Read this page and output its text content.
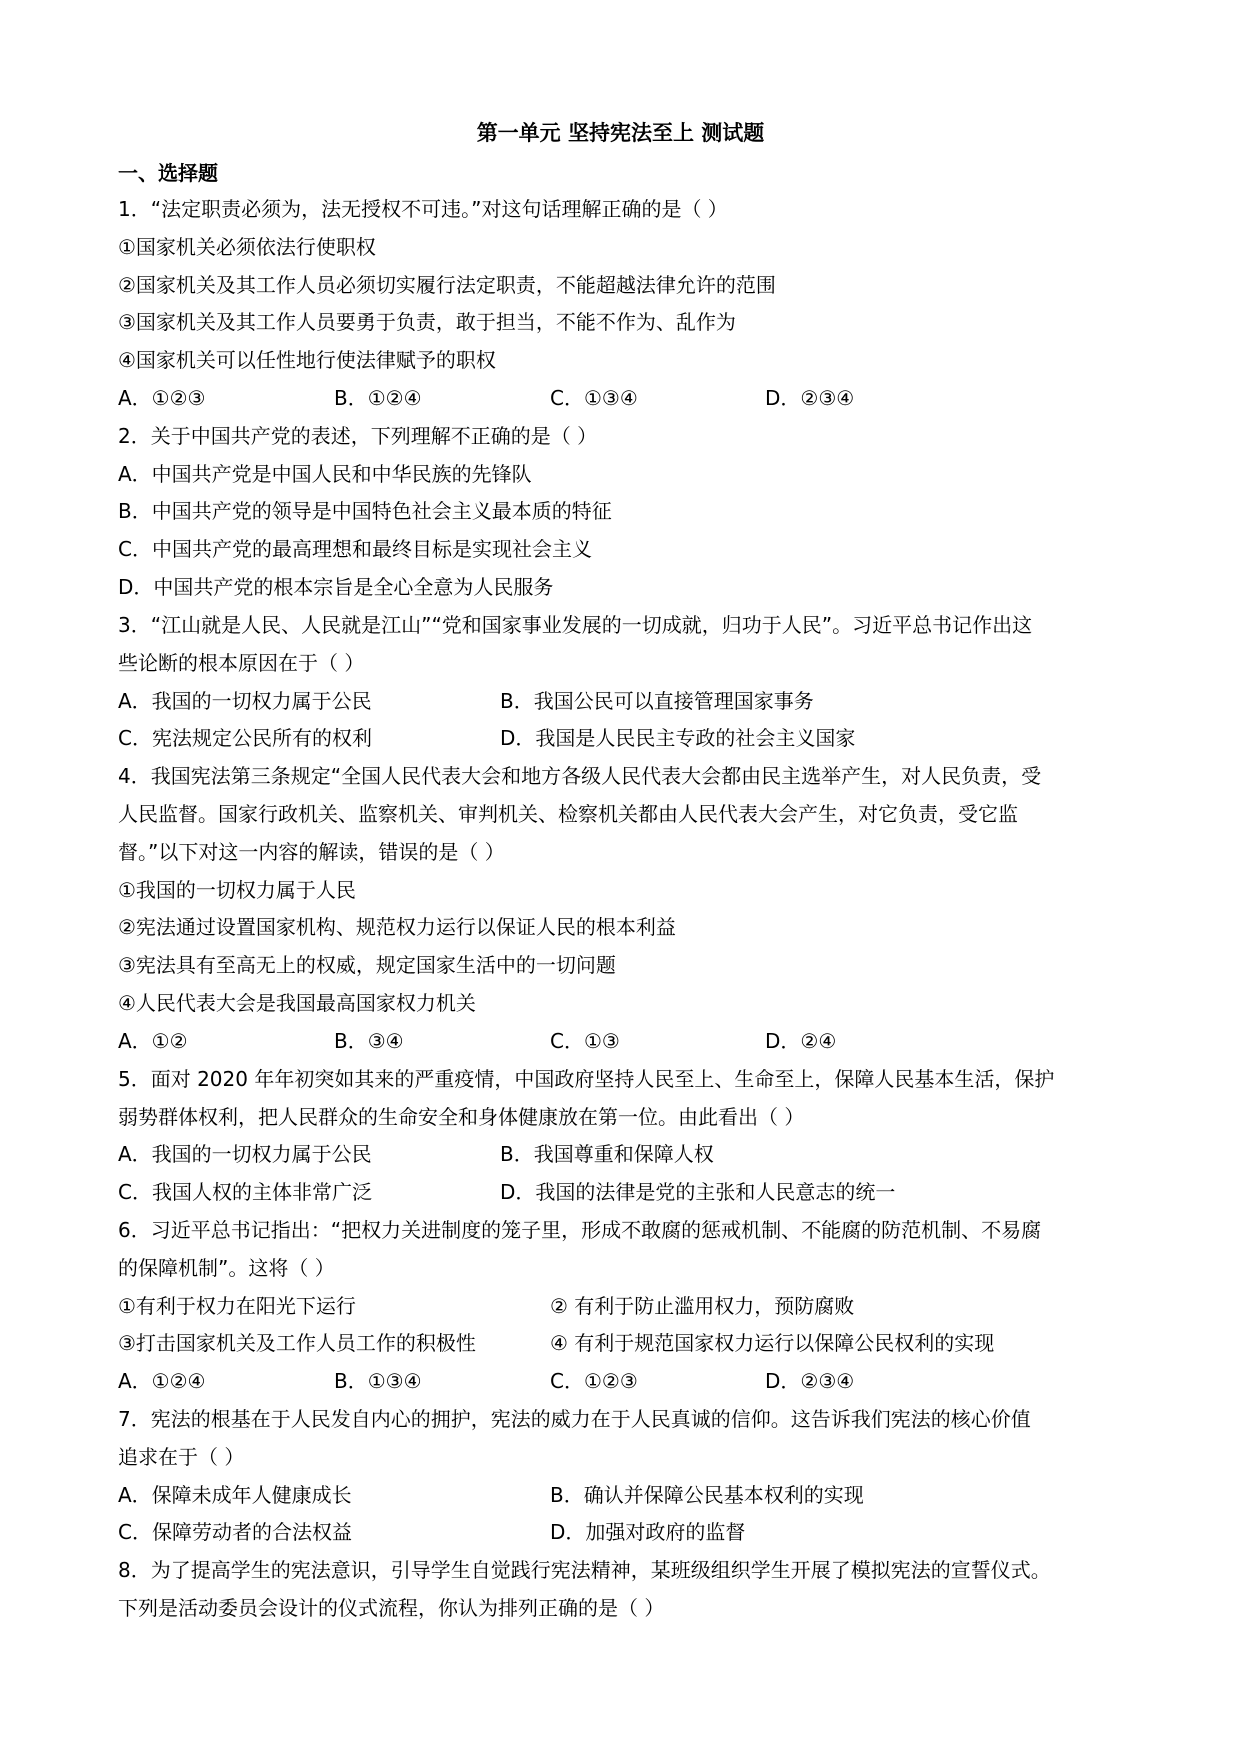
第一单元 坚持宪法至上 测试题
一、选择题
1．“法定职责必须为，法无授权不可违。”对这句话理解正确的是（ ）
①国家机关必须依法行使职权
②国家机关及其工作人员必须切实履行法定职责，不能超越法律允许的范围
③国家机关及其工作人员要勇于负责，敢于担当，不能不作为、乱作为
④国家机关可以任性地行使法律赋予的职权
A．①②③	B．①②④	C．①③④	D．②③④
2．关于中国共产党的表述，下列理解不正确的是（ ）
A．中国共产党是中国人民和中华民族的先锋队
B．中国共产党的领导是中国特色社会主义最本质的特征
C．中国共产党的最高理想和最终目标是实现社会主义
D．中国共产党的根本宗旨是全心全意为人民服务
3．“江山就是人民、人民就是江山”“党和国家事业发展的一切成就，归功于人民”。习近平总书记作出这
些论断的根本原因在于（ ）
A．我国的一切权力属于公民	B．我国公民可以直接管理国家事务
C．宪法规定公民所有的权利	D．我国是人民民主专政的社会主义国家
4．我国宪法第三条规定“全国人民代表大会和地方各级人民代表大会都由民主选举产生，对人民负责，受
人民监督。国家行政机关、监察机关、审判机关、检察机关都由人民代表大会产生，对它负责，受它监
督。”以下对这一内容的解读，错误的是（ ）
①我国的一切权力属于人民
②宪法通过设置国家机构、规范权力运行以保证人民的根本利益
③宪法具有至高无上的权威，规定国家生活中的一切问题
④人民代表大会是我国最高国家权力机关
A．①②	B．③④	C．①③	D．②④
5．面对 2020 年年初突如其来的严重疫情，中国政府坚持人民至上、生命至上，保障人民基本生活，保护
弱势群体权利，把人民群众的生命安全和身体健康放在第一位。由此看出（ ）
A．我国的一切权力属于公民	B．我国尊重和保障人权
C．我国人权的主体非常广泛	D．我国的法律是党的主张和人民意志的统一
6．习近平总书记指出：“把权力关进制度的笼子里，形成不敢腐的惩戒机制、不能腐的防范机制、不易腐
的保障机制”。这将（ ）
①有利于权力在阳光下运行	② 有利于防止滥用权力，预防腐败
③打击国家机关及工作人员工作的积极性	④ 有利于规范国家权力运行以保障公民权利的实现
A．①②④	B．①③④	C．①②③	D．②③④
7．宪法的根基在于人民发自内心的拥护，宪法的威力在于人民真诚的信仰。这告诉我们宪法的核心价值
追求在于（ ）
A．保障未成年人健康成长	B．确认并保障公民基本权利的实现
C．保障劳动者的合法权益	D．加强对政府的监督
8．为了提高学生的宪法意识，引导学生自觉践行宪法精神，某班级组织学生开展了模拟宪法的宣誓仪式。
下列是活动委员会设计的仪式流程，你认为排列正确的是（ ）
